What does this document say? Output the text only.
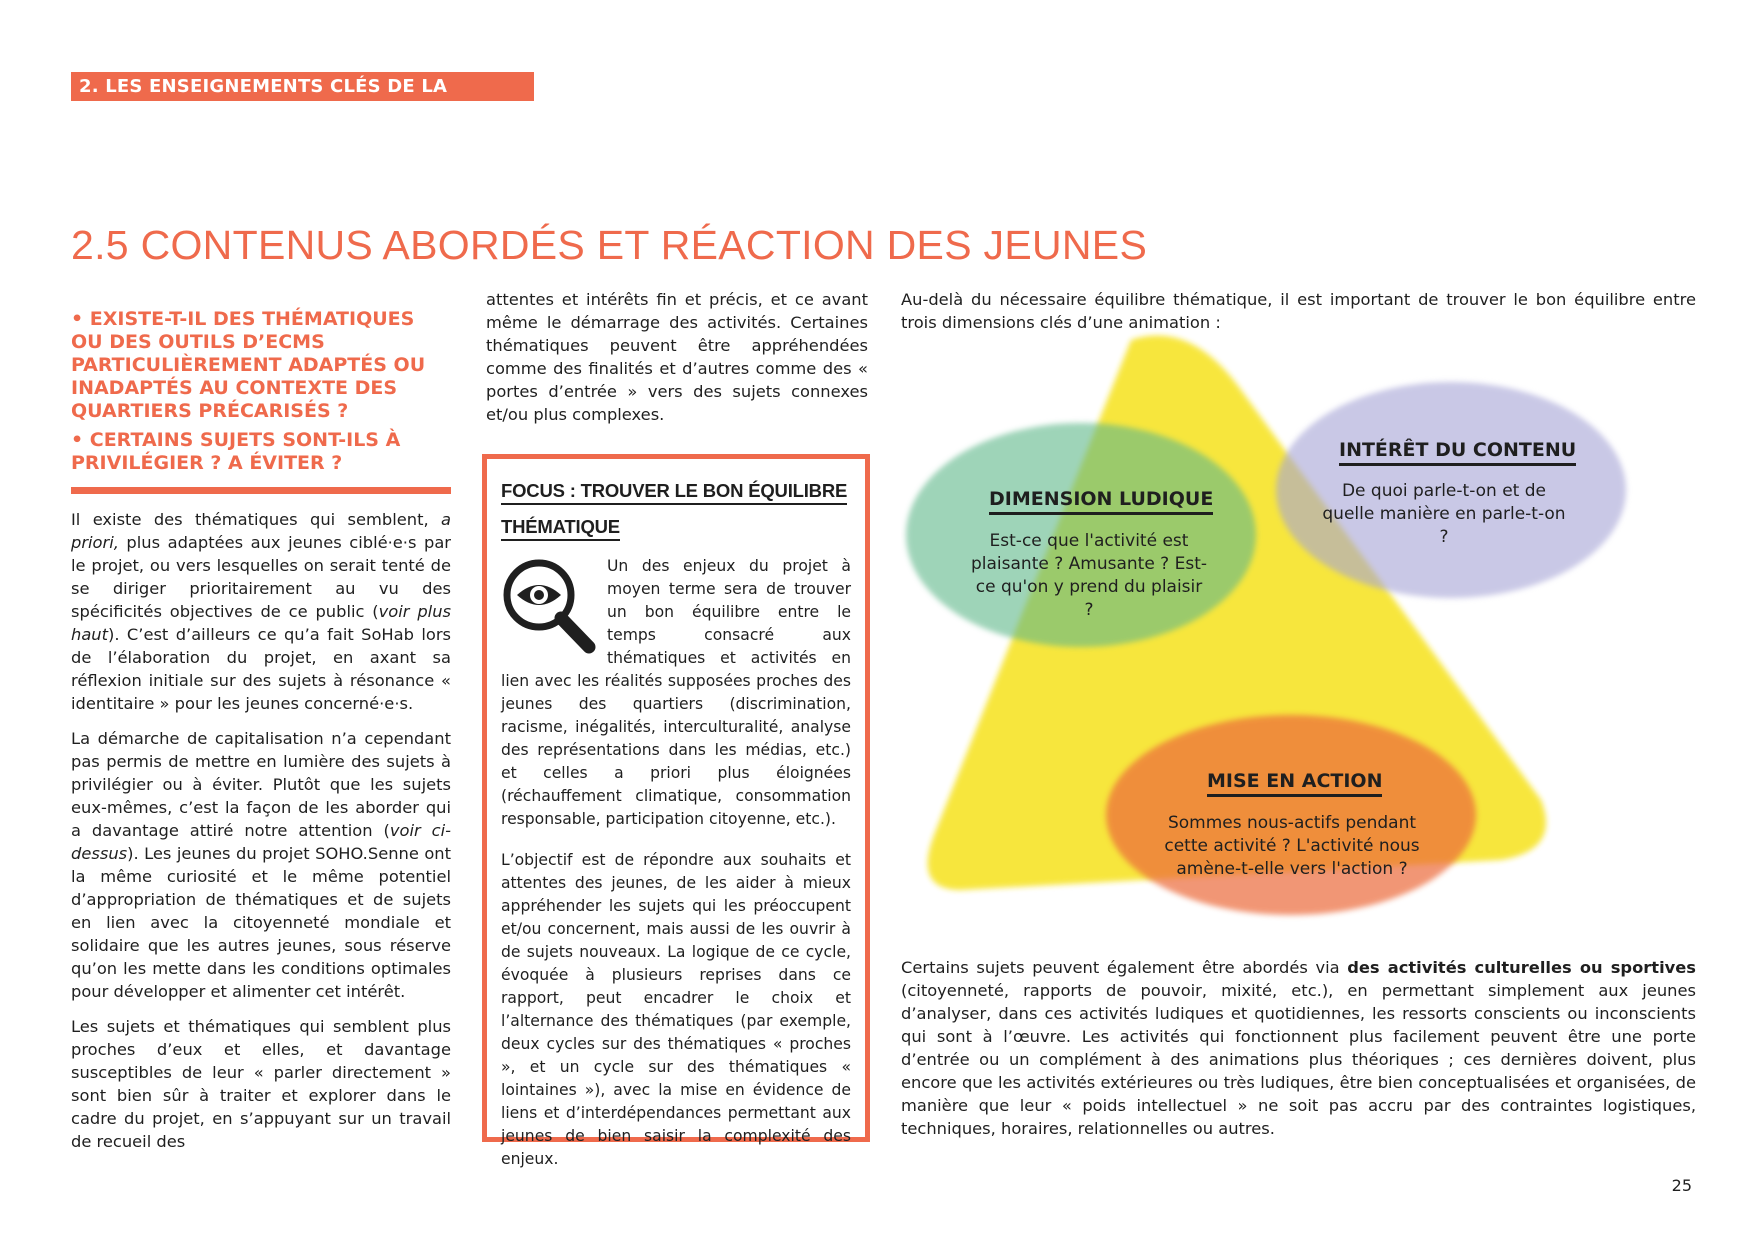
2. LES ENSEIGNEMENTS CLÉS DE LA DÉMARCHE
2.5 CONTENUS ABORDÉS ET RÉACTION DES JEUNES

• EXISTE-T-IL DES THÉMATIQUES OU DES OUTILS D’ECMS PARTICULIÈREMENT ADAPTÉS OU INADAPTÉS AU CONTEXTE DES QUARTIERS PRÉCARISÉS ?

• CERTAINS SUJETS SONT-ILS À PRIVILÉGIER ? A ÉVITER ?

Il existe des thématiques qui semblent, a priori, plus adaptées aux jeunes ciblé·e·s par le projet, ou vers lesquelles on serait tenté de se diriger prioritairement au vu des spécificités objectives de ce public (voir plus haut). C’est d’ailleurs ce qu’a fait SoHab lors de l’élaboration du projet, en axant sa réflexion initiale sur des sujets à résonance « identitaire » pour les jeunes concerné·e·s.

La démarche de capitalisation n’a cependant pas permis de mettre en lumière des sujets à privilégier ou à éviter. Plutôt que les sujets eux-mêmes, c’est la façon de les aborder qui a davantage attiré notre attention (voir ci-dessus). Les jeunes du projet SOHO.Senne ont la même curiosité et le même potentiel d’appropriation de thématiques et de sujets en lien avec la citoyenneté mondiale et solidaire que les autres jeunes, sous réserve qu’on les mette dans les conditions optimales pour développer et alimenter cet intérêt.

Les sujets et thématiques qui semblent plus proches d’eux et elles, et davantage susceptibles de leur « parler directement » sont bien sûr à traiter et explorer dans le cadre du projet, en s’appuyant sur un travail de recueil des

attentes et intérêts fin et précis, et ce avant même le démarrage des activités. Certaines thématiques peuvent être appréhendées comme des finalités et d’autres comme des « portes d’entrée » vers des sujets connexes et/ou plus complexes.

FOCUS : TROUVER LE BON ÉQUILIBRE THÉMATIQUE

Un des enjeux du projet à moyen terme sera de trouver un bon équilibre entre le temps consacré aux thématiques et activités en lien avec les réalités supposées proches des jeunes des quartiers (discrimination, racisme, inégalités, interculturalité, analyse des représentations dans les médias, etc.) et celles a priori plus éloignées (réchauffement climatique, consommation responsable, participation citoyenne, etc.).

L’objectif est de répondre aux souhaits et attentes des jeunes, de les aider à mieux appréhender les sujets qui les préoccupent et/ou concernent, mais aussi de les ouvrir à de sujets nouveaux. La logique de ce cycle, évoquée à plusieurs reprises dans ce rapport, peut encadrer le choix et l’alternance des thématiques (par exemple, deux cycles sur des thématiques « proches », et un cycle sur des thématiques « lointaines »), avec la mise en évidence de liens et d’interdépendances permettant aux jeunes de bien saisir la complexité des enjeux.

Au-delà du nécessaire équilibre thématique, il est important de trouver le bon équilibre entre trois dimensions clés d’une animation :

DIMENSION LUDIQUE
Est-ce que l'activité est plaisante ? Amusante ? Est-ce qu'on y prend du plaisir ?
INTÉRÊT DU CONTENU
De quoi parle-t-on et de quelle manière en parle-t-on ?
MISE EN ACTION
Sommes nous-actifs pendant cette activité ? L'activité nous amène-t-elle vers l'action ?

Certains sujets peuvent également être abordés via des activités culturelles ou sportives (citoyenneté, rapports de pouvoir, mixité, etc.), en permettant simplement aux jeunes d’analyser, dans ces activités ludiques et quotidiennes, les ressorts conscients ou inconscients qui sont à l’œuvre. Les activités qui fonctionnent plus facilement peuvent être une porte d’entrée ou un complément à des animations plus théoriques ; ces dernières doivent, plus encore que les activités extérieures ou très ludiques, être bien conceptualisées et organisées, de manière que leur « poids intellectuel » ne soit pas accru par des contraintes logistiques, techniques, horaires, relationnelles ou autres.

25
